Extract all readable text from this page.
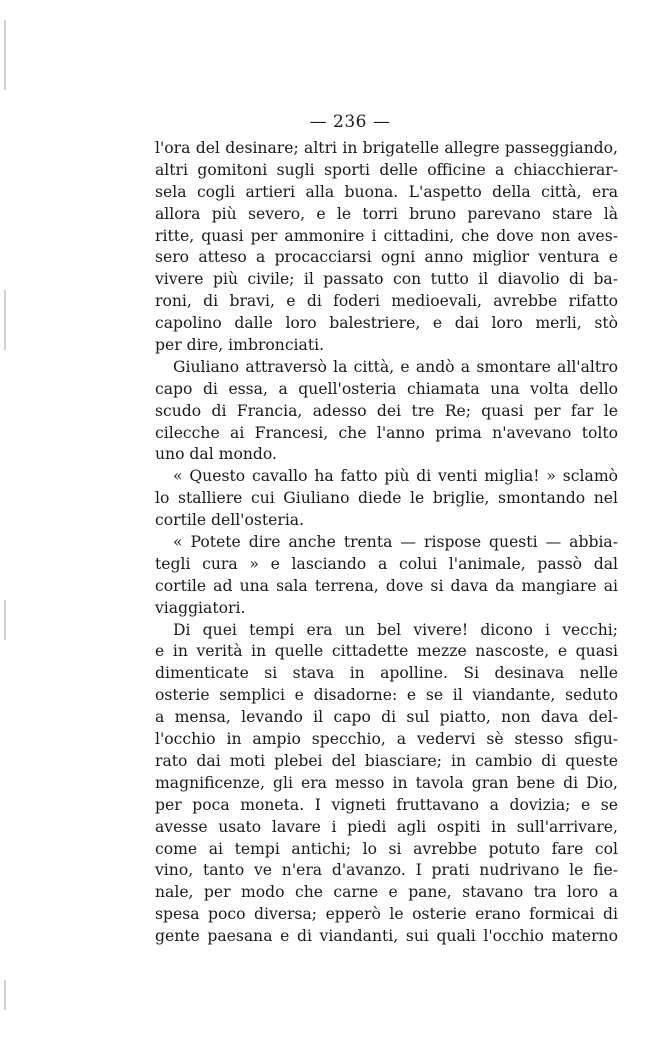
— 236 —
l'ora del desinare; altri in brigatelle allegre passeggiando,
altri gomitoni sugli sporti delle officine a chiacchierar-
sela cogli artieri alla buona. L'aspetto della città, era
allora più severo, e le torri bruno parevano stare là
ritte, quasi per ammonire i cittadini, che dove non aves-
sero atteso a procacciarsi ogni anno miglior ventura e
vivere più civile; il passato con tutto il diavolio di ba-
roni, di bravi, e di foderi medioevali, avrebbe rifatto
capolino dalle loro balestriere, e dai loro merli, stò
per dire, imbronciati.
Giuliano attraversò la città, e andò a smontare all'altro
capo di essa, a quell'osteria chiamata una volta dello
scudo di Francia, adesso dei tre Re; quasi per far le
cilecche ai Francesi, che l'anno prima n'avevano tolto
uno dal mondo.
« Questo cavallo ha fatto più di venti miglia! » sclamò
lo stalliere cui Giuliano diede le briglie, smontando nel
cortile dell'osteria.
« Potete dire anche trenta — rispose questi — abbia-
tegli cura » e lasciando a colui l'animale, passò dal
cortile ad una sala terrena, dove si dava da mangiare ai
viaggiatori.
Di quei tempi era un bel vivere! dicono i vecchi;
e in verità in quelle cittadette mezze nascoste, e quasi
dimenticate si stava in apolline. Si desinava nelle
osterie semplici e disadorne: e se il viandante, seduto
a mensa, levando il capo di sul piatto, non dava del-
l'occhio in ampio specchio, a vedervi sè stesso sfigu-
rato dai moti plebei del biasciare; in cambio di queste
magnificenze, gli era messo in tavola gran bene di Dio,
per poca moneta. I vigneti fruttavano a dovizia; e se
avesse usato lavare i piedi agli ospiti in sull'arrivare,
come ai tempi antichi; lo si avrebbe potuto fare col
vino, tanto ve n'era d'avanzo. I prati nudrivano le fie-
nale, per modo che carne e pane, stavano tra loro a
spesa poco diversa; epperò le osterie erano formicai di
gente paesana e di viandanti, sui quali l'occhio materno
